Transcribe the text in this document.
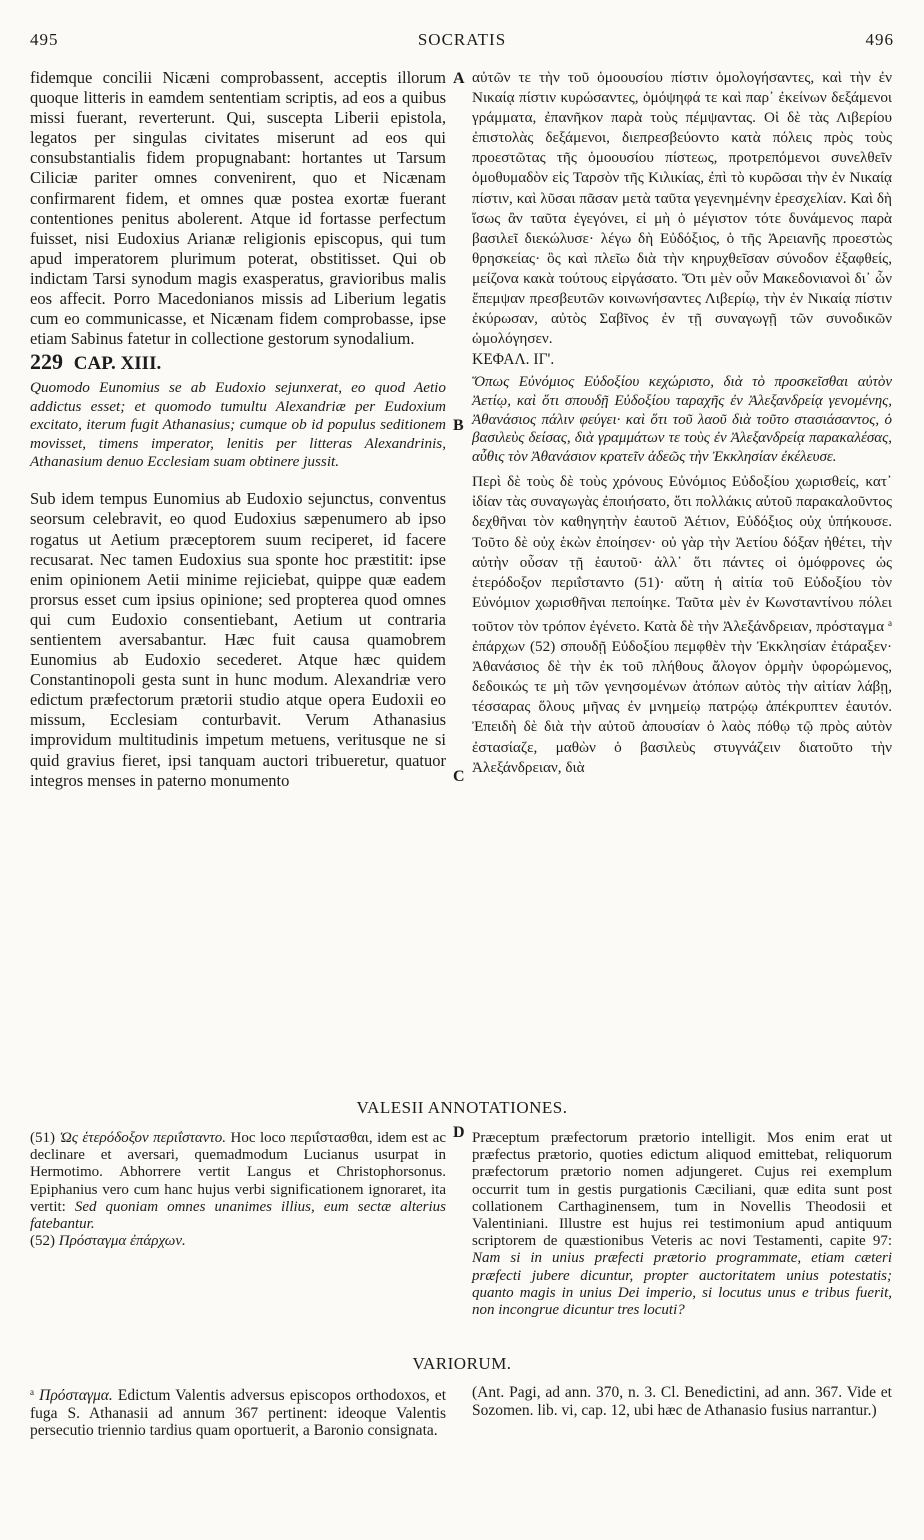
495	SOCRATIS	496
A
B
C
D

fidemque concilii Nicæni comprobassent, acceptis illorum quoque litteris in eamdem sententiam scriptis, ad eos a quibus missi fuerant, reverterunt. Qui, suscepta Liberii epistola, legatos per singulas civitates miserunt ad eos qui consubstantialis fidem propugnabant: hortantes ut Tarsum Ciliciæ pariter omnes convenirent, quo et Nicænam confirmarent fidem, et omnes quæ postea exortæ fuerant contentiones penitus abolerent. Atque id fortasse perfectum fuisset, nisi Eudoxius Arianæ religionis episcopus, qui tum apud imperatorem plurimum poterat, obstitisset. Qui ob indictam Tarsi synodum magis exasperatus, gravioribus malis eos affecit. Porro Macedonianos missis ad Liberium legatis cum eo communicasse, et Nicænam fidem comprobasse, ipse etiam Sabinus fatetur in collectione gestorum synodalium.

229 CAP. XIII.

Quomodo Eunomius se ab Eudoxio sejunxerat, eo quod Aetio addictus esset; et quomodo tumultu Alexandriæ per Eudoxium excitato, iterum fugit Athanasius; cumque ob id populus seditionem movisset, timens imperator, lenitis per litteras Alexandrinis, Athanasium denuo Ecclesiam suam obtinere jussit.

Sub idem tempus Eunomius ab Eudoxio sejunctus, conventus seorsum celebravit, eo quod Eudoxius sæpenumero ab ipso rogatus ut Aetium præceptorem suum reciperet, id facere recusarat. Nec tamen Eudoxius sua sponte hoc præstitit: ipse enim opinionem Aetii minime rejiciebat, quippe quæ eadem prorsus esset cum ipsius opinione; sed propterea quod omnes qui cum Eudoxio consentiebant, Aetium ut contraria sentientem aversabantur. Hæc fuit causa quamobrem Eunomius ab Eudoxio secederet. Atque hæc quidem Constantinopoli gesta sunt in hunc modum. Alexandriæ vero edictum præfectorum prætorii studio atque opera Eudoxii eo missum, Ecclesiam conturbavit. Verum Athanasius improvidum multitudinis impetum metuens, veritusque ne si quid gravius fieret, ipsi tanquam auctori tribueretur, quatuor integros menses in paterno monumento

αὐτῶν τε τὴν τοῦ ὁμοουσίου πίστιν ὁμολογήσαντες, καὶ τὴν ἐν Νικαίᾳ πίστιν κυρώσαντες, ὁμόψηφά τε καὶ παρ᾽ ἐκείνων δεξάμενοι γράμματα, ἐπανῆκον παρὰ τοὺς πέμψαντας. Οἱ δὲ τὰς Λιβερίου ἐπιστολὰς δεξάμενοι, διεπρεσβεύοντο κατὰ πόλεις πρὸς τοὺς προεστῶτας τῆς ὁμοουσίου πίστεως, προτρεπόμενοι συνελθεῖν ὁμοθυμαδὸν εἰς Ταρσὸν τῆς Κιλικίας, ἐπὶ τὸ κυρῶσαι τὴν ἐν Νικαίᾳ πίστιν, καὶ λῦσαι πᾶσαν μετὰ ταῦτα γεγενημένην ἐρεσχελίαν. Καὶ δὴ ἴσως ἂν ταῦτα ἐγεγόνει, εἰ μὴ ὁ μέγιστον τότε δυνάμενος παρὰ βασιλεῖ διεκώλυσε· λέγω δὴ Εὐδόξιος, ὁ τῆς Ἀρειανῆς προεστὼς θρησκείας· ὃς καὶ πλεῖω διὰ τὴν κηρυχθεῖσαν σύνοδον ἐξαφθείς, μείζονα κακὰ τούτους εἰργάσατο. Ὅτι μὲν οὖν Μακεδονιανοὶ δι᾽ ὧν ἔπεμψαν πρεσβευτῶν κοινωνήσαντες Λιβερίῳ, τὴν ἐν Νικαίᾳ πίστιν ἐκύρωσαν, αὐτὸς Σαβῖνος ἐν τῇ συναγωγῇ τῶν συνοδικῶν ὡμολόγησεν.

ΚΕΦΑΛ. ΙΓ'.

Ὅπως Εὐνόμιος Εὐδοξίου κεχώριστο, διὰ τὸ προσκεῖσθαι αὐτὸν Ἀετίῳ, καὶ ὅτι σπουδῇ Εὐδοξίου ταραχῆς ἐν Ἀλεξανδρείᾳ γενομένης, Ἀθανάσιος πάλιν φεύγει· καὶ ὅτι τοῦ λαοῦ διὰ τοῦτο στασιάσαντος, ὁ βασιλεὺς δείσας, διὰ γραμμάτων τε τοὺς ἐν Ἀλεξανδρείᾳ παρακαλέσας, αὖθις τὸν Ἀθανάσιον κρατεῖν ἀδεῶς τὴν Ἐκκλησίαν ἐκέλευσε.

Περὶ δὲ τοὺς δὲ τοὺς χρόνους Εὐνόμιος Εὐδοξίου χωρισθείς, κατ᾽ ἰδίαν τὰς συναγωγὰς ἐποιήσατο, ὅτι πολλάκις αὐτοῦ παρακαλοῦντος δεχθῆναι τὸν καθηγητὴν ἑαυτοῦ Ἀέτιον, Εὐδόξιος οὐχ ὑπήκουσε. Τοῦτο δὲ οὐχ ἑκὼν ἐποίησεν· οὐ γὰρ τὴν Ἀετίου δόξαν ἠθέτει, τὴν αὐτὴν οὖσαν τῇ ἑαυτοῦ· ἀλλ᾽ ὅτι πάντες οἱ ὁμόφρονες ὡς ἑτερόδοξον περιΐσταντο (51)· αὕτη ἡ αἰτία τοῦ Εὐδοξίου τὸν Εὐνόμιον χωρισθῆναι πεποίηκε. Ταῦτα μὲν ἐν Κωνσταντίνου πόλει τοῦτον τὸν τρόπον ἐγένετο. Κατὰ δὲ τὴν Ἀλεξάνδρειαν, πρόσταγμα $^a$ ἐπάρχων (52) σπουδῇ Εὐδοξίου πεμφθὲν τὴν Ἐκκλησίαν ἐτάραξεν· Ἀθανάσιος δὲ τὴν ἐκ τοῦ πλήθους ἄλογον ὁρμὴν ὑφορώμενος, δεδοικώς τε μὴ τῶν γενησομένων ἀτόπων αὐτὸς τὴν αἰτίαν λάβῃ, τέσσαρας ὅλους μῆνας ἐν μνημείῳ πατρῴῳ ἀπέκρυπτεν ἑαυτόν. Ἐπειδὴ δὲ διὰ τὴν αὐτοῦ ἀπουσίαν ὁ λαὸς πόθῳ τῷ πρὸς αὐτὸν ἐστασίαζε, μαθὼν ὁ βασιλεὺς στυγνάζειν διατοῦτο τὴν Ἀλεξάνδρειαν, διὰ

VALESII ANNOTATIONES.

(51) Ὡς ἑτερόδοξον περιΐσταντο. Hoc loco περιΐστασθαι, idem est ac declinare et aversari, quemadmodum Lucianus usurpat in Hermotimo. Abhorrere vertit Langus et Christophorsonus. Epiphanius vero cum hanc hujus verbi significationem ignoraret, ita vertit: Sed quoniam omnes unanimes illius, eum sectæ alterius fatebantur.

(52) Πρόσταγμα ἐπάρχων.

Præceptum præfectorum prætorio intelligit. Mos enim erat ut præfectus prætorio, quoties edictum aliquod emittebat, reliquorum præfectorum prætorio nomen adjungeret. Cujus rei exemplum occurrit tum in gestis purgationis Cæciliani, quæ edita sunt post collationem Carthaginensem, tum in Novellis Theodosii et Valentiniani. Illustre est hujus rei testimonium apud antiquum scriptorem de quæstionibus Veteris ac novi Testamenti, capite 97: Nam si in unius præfecti prætorio programmate, etiam cæteri præfecti jubere dicuntur, propter auctoritatem unius potestatis; quanto magis in unius Dei imperio, si locutus unus e tribus fuerit, non incongrue dicuntur tres locuti?

VARIORUM.

$^a$ Πρόσταγμα. Edictum Valentis adversus episcopos orthodoxos, et fuga S. Athanasii ad annum 367 pertinent: ideoque Valentis persecutio triennio tardius quam oportuerit, a Baronio consignata.

(Ant. Pagi, ad ann. 370, n. 3. Cl. Benedictini, ad ann. 367. Vide et Sozomen. lib. vi, cap. 12, ubi hæc de Athanasio fusius narrantur.)
